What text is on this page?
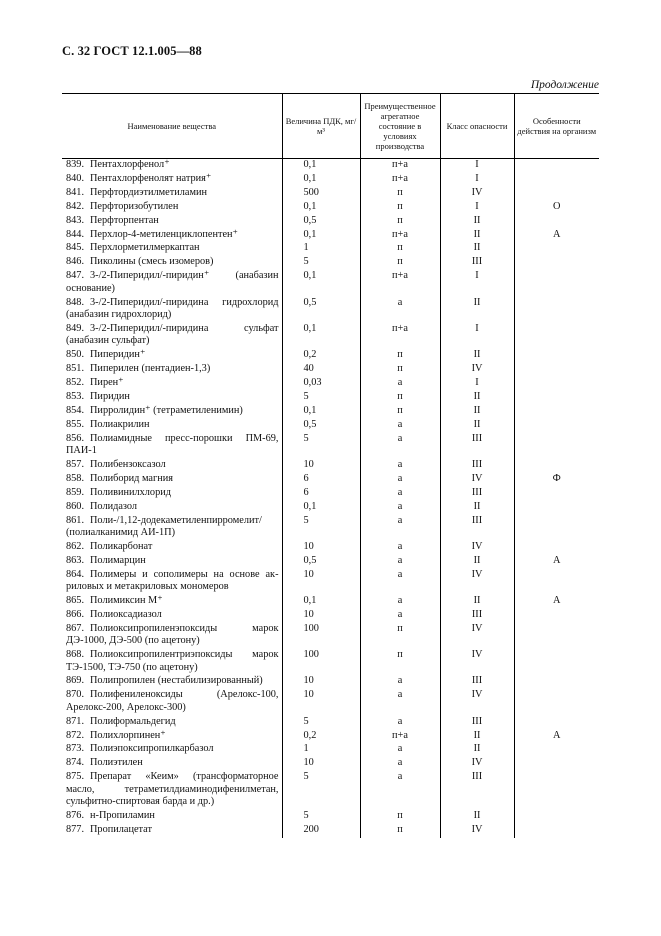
С. 32 ГОСТ 12.1.005—88
Продолжение
Наименование вещества	Величина ПДК, мг/м³	Преимущественное агрегатное состояние в условиях производства	Класс опасности	Особенности действия на организм
839. Пентахлорфенол⁺	0,1	п+а	I	
840. Пентахлорфенолят натрия⁺	0,1	п+а	I	
841. Перфтордиэтилметиламин	500	п	IV	
842. Перфторизобутилен	0,1	п	I	О
843. Перфторпентан	0,5	п	II	
844. Перхлор-4-метиленциклопентен⁺	0,1	п+а	II	А
845. Перхлорметилмеркаптан	1	п	II	
846. Пиколины (смесь изомеров)	5	п	III	
847. 3-/2-Пиперидил/-пиридин⁺ (анабазин основание)	0,1	п+а	I	
848. 3-/2-Пиперидил/-пиридина гидрохлорид (анабазин гидрохлорид)	0,5	а	II	
849. 3-/2-Пиперидил/-пиридина сульфат (анабазин сульфат)	0,1	п+а	I	
850. Пиперидин⁺	0,2	п	II	
851. Пиперилен (пентадиен-1,3)	40	п	IV	
852. Пирен⁺	0,03	а	I	
853. Пиридин	5	п	II	
854. Пирролидин⁺ (тетраметиленимин)	0,1	п	II	
855. Полиакрилин	0,5	а	II	
856. Полиамидные пресс-порошки ПМ-69, ПАИ-1	5	а	III	
857. Полибензоксазол	10	а	III	
858. Полиборид магния	6	а	IV	Ф
859. Поливинилхлорид	6	а	III	
860. Полидазол	0,1	а	II	
861. Поли-/1,12-додекаметиленпирромелит/ (полиалканимид АИ-1П)	5	а	III	
862. Поликарбонат	10	а	IV	
863. Полимарцин	0,5	а	II	А
864. Полимеры и сополимеры на основе акриловых и метакриловых мономеров	10	а	IV	
865. Полимиксин М⁺	0,1	а	II	А
866. Полиоксадиазол	10	а	III	
867. Полиоксипропиленэпоксиды марок ДЭ-1000, ДЭ-500 (по ацетону)	100	п	IV	
868. Полиоксипропилентриэпоксиды марок ТЭ-1500, ТЭ-750 (по ацетону)	100	п	IV	
869. Полипропилен (нестабилизированный)	10	а	III	
870. Полифениленоксиды (Арелокс-100, Арелокс-200, Арелокс-300)	10	а	IV	
871. Полиформальдегид	5	а	III	
872. Полихлорпинен⁺	0,2	п+а	II	А
873. Полиэпоксипропилкарбазол	1	а	II	
874. Полиэтилен	10	а	IV	
875. Препарат «Кеим» (трансформаторное масло, тетраметилдиаминодифенилметан, сульфитно-спиртовая барда и др.)	5	а	III	
876. н-Пропиламин	5	п	II	
877. Пропилацетат	200	п	IV	
